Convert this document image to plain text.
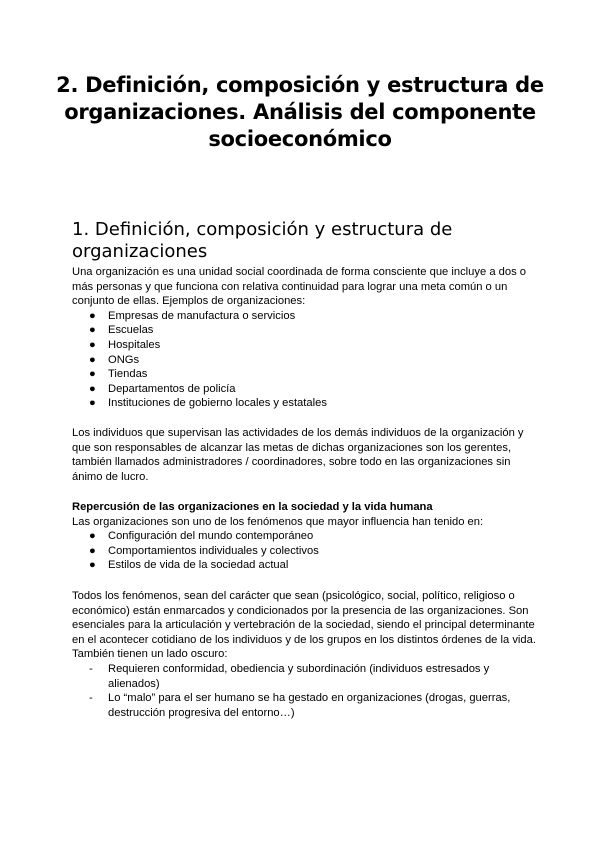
2. Definición, composición y estructura de organizaciones. Análisis del componente socioeconómico
1. Definición, composición y estructura de organizaciones

Una organización es una unidad social coordinada de forma consciente que incluye a dos o más personas y que funciona con relativa continuidad para lograr una meta común o un conjunto de ellas. Ejemplos de organizaciones:

●	Empresas de manufactura o servicios
●	Escuelas
●	Hospitales
●	ONGs
●	Tiendas
●	Departamentos de policía
●	Instituciones de gobierno locales y estatales

Los individuos que supervisan las actividades de los demás individuos de la organización y que son responsables de alcanzar las metas de dichas organizaciones son los gerentes, también llamados administradores / coordinadores, sobre todo en las organizaciones sin ánimo de lucro.

Repercusión de las organizaciones en la sociedad y la vida humana

Las organizaciones son uno de los fenómenos que mayor influencia han tenido en:

●	Configuración del mundo contemporáneo
●	Comportamientos individuales y colectivos
●	Estilos de vida de la sociedad actual

Todos los fenómenos, sean del carácter que sean (psicológico, social, político, religioso o económico) están enmarcados y condicionados por la presencia de las organizaciones. Son esenciales para la articulación y vertebración de la sociedad, siendo el principal determinante en el acontecer cotidiano de los individuos y de los grupos en los distintos órdenes de la vida. También tienen un lado oscuro:

-	Requieren conformidad, obediencia y subordinación (individuos estresados y alienados)
-	Lo “malo” para el ser humano se ha gestado en organizaciones (drogas, guerras, destrucción progresiva del entorno…)
